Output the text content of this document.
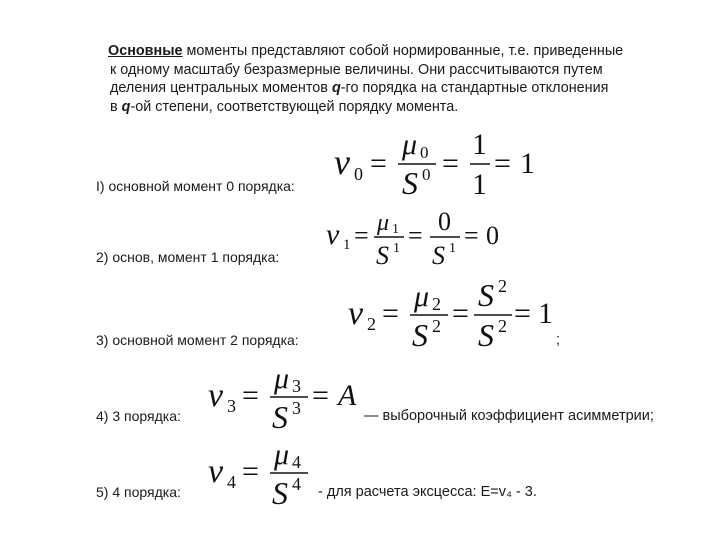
Основные моменты представляют собой нормированные, т.е. приведенные
к одному масштабу безразмерные величины. Они рассчитываются путем
деления центральных моментов q-го порядка на стандартные отклонения
в q-ой степени, соответствующей порядку момента.
I) основной момент 0 порядка:
2) основ, момент 1 порядка:
3) основной момент 2 порядка:	;
4) 3 порядка:	— выборочный коэффициент асимметрии;
5) 4 порядка:	- для расчета эксцесса: E=v₄ - 3.
ν 0 =
μ 0
S 0 =
1
1
= 1
ν 1 = μ 1
S 1 = 0
S 1 = 0
ν 2 =
μ 2
S 2 =
S 2
S 2 = 1
ν 3 =
μ 3
S 3 = A
ν 4 =
μ 4
S 4
